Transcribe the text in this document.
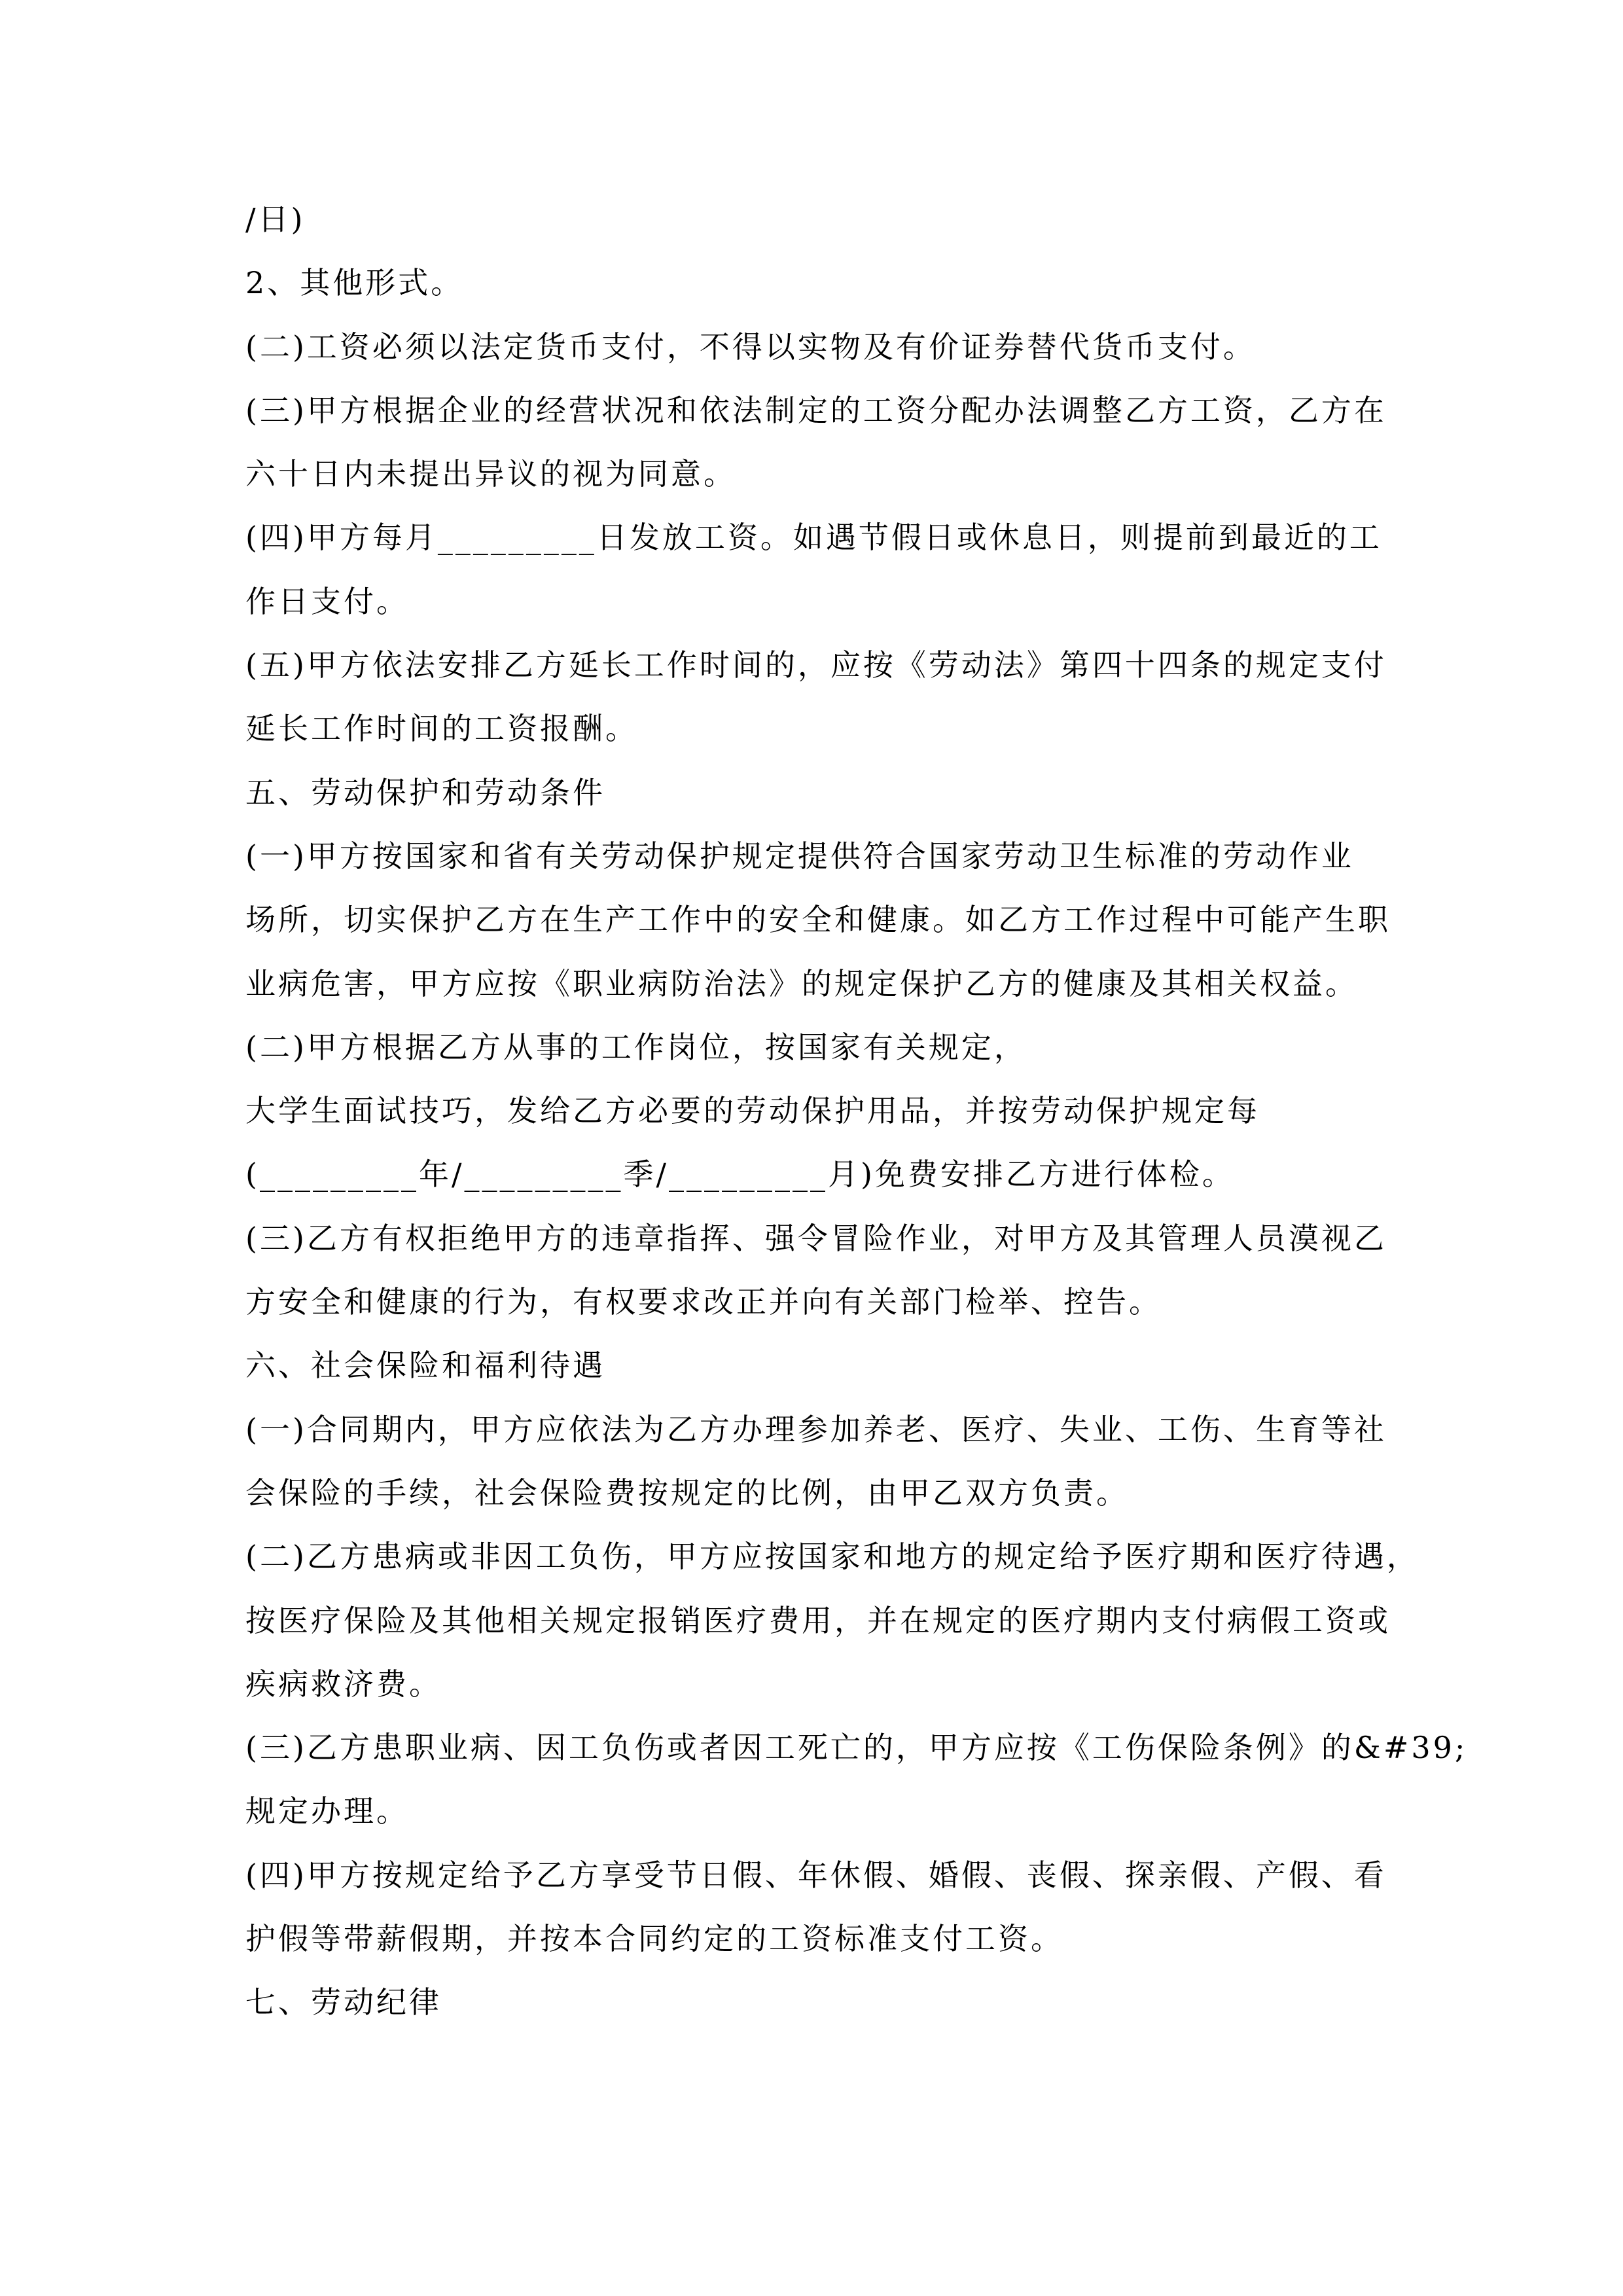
/日)

2、其他形式。

(二)工资必须以法定货币支付，不得以实物及有价证券替代货币支付。

(三)甲方根据企业的经营状况和依法制定的工资分配办法调整乙方工资，乙方在

六十日内未提出异议的视为同意。

(四)甲方每月_________日发放工资。如遇节假日或休息日，则提前到最近的工

作日支付。

(五)甲方依法安排乙方延长工作时间的，应按《劳动法》第四十四条的规定支付

延长工作时间的工资报酬。

五、劳动保护和劳动条件

(一)甲方按国家和省有关劳动保护规定提供符合国家劳动卫生标准的劳动作业

场所，切实保护乙方在生产工作中的安全和健康。如乙方工作过程中可能产生职

业病危害，甲方应按《职业病防治法》的规定保护乙方的健康及其相关权益。

(二)甲方根据乙方从事的工作岗位，按国家有关规定，

大学生面试技巧，发给乙方必要的劳动保护用品，并按劳动保护规定每

(_________年/_________季/_________月)免费安排乙方进行体检。

(三)乙方有权拒绝甲方的违章指挥、强令冒险作业，对甲方及其管理人员漠视乙

方安全和健康的行为，有权要求改正并向有关部门检举、控告。

六、社会保险和福利待遇

(一)合同期内，甲方应依法为乙方办理参加养老、医疗、失业、工伤、生育等社

会保险的手续，社会保险费按规定的比例，由甲乙双方负责。

(二)乙方患病或非因工负伤，甲方应按国家和地方的规定给予医疗期和医疗待遇，

按医疗保险及其他相关规定报销医疗费用，并在规定的医疗期内支付病假工资或

疾病救济费。

(三)乙方患职业病、因工负伤或者因工死亡的，甲方应按《工伤保险条例》的&#39;

规定办理。

(四)甲方按规定给予乙方享受节日假、年休假、婚假、丧假、探亲假、产假、看

护假等带薪假期，并按本合同约定的工资标准支付工资。

七、劳动纪律
